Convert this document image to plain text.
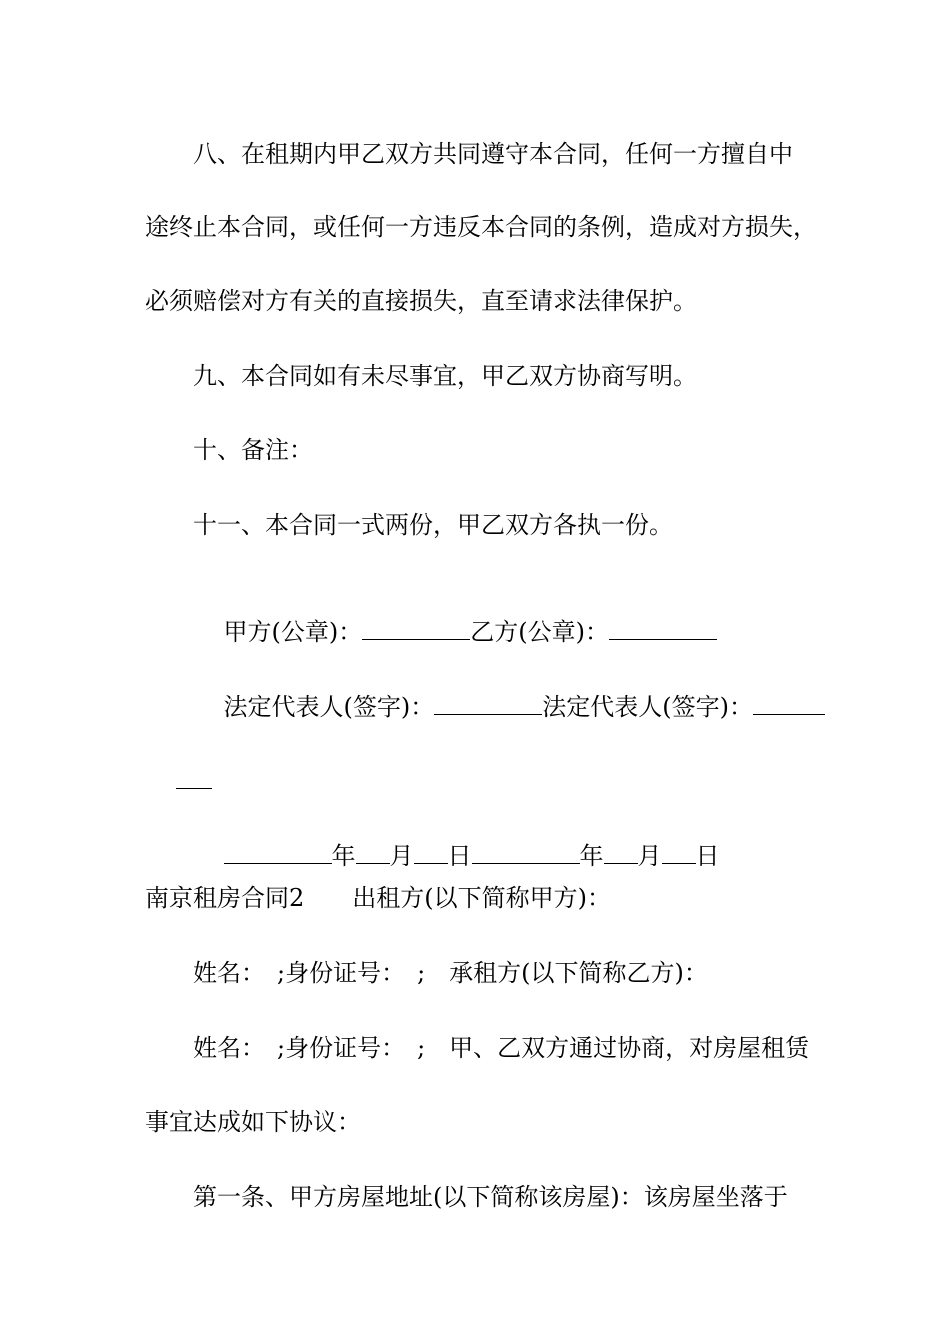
八、在租期内甲乙双方共同遵守本合同，任何一方擅自中
途终止本合同，或任何一方违反本合同的条例，造成对方损失，
必须赔偿对方有关的直接损失，直至请求法律保护。
九、本合同如有未尽事宜，甲乙双方协商写明。
十、备注：
十一、本合同一式两份，甲乙双方各执一份。

甲方(公章)：	乙方(公章)：

法定代表人(签字)：	法定代表人(签字)：

年 月 日	年 月 日

南京租房合同2　　出租方(以下简称甲方)：
姓名：　;身份证号：　;　承租方(以下简称乙方)：
姓名：　;身份证号：　;　甲、乙双方通过协商，对房屋租赁
事宜达成如下协议：
第一条、甲方房屋地址(以下简称该房屋)：该房屋坐落于
